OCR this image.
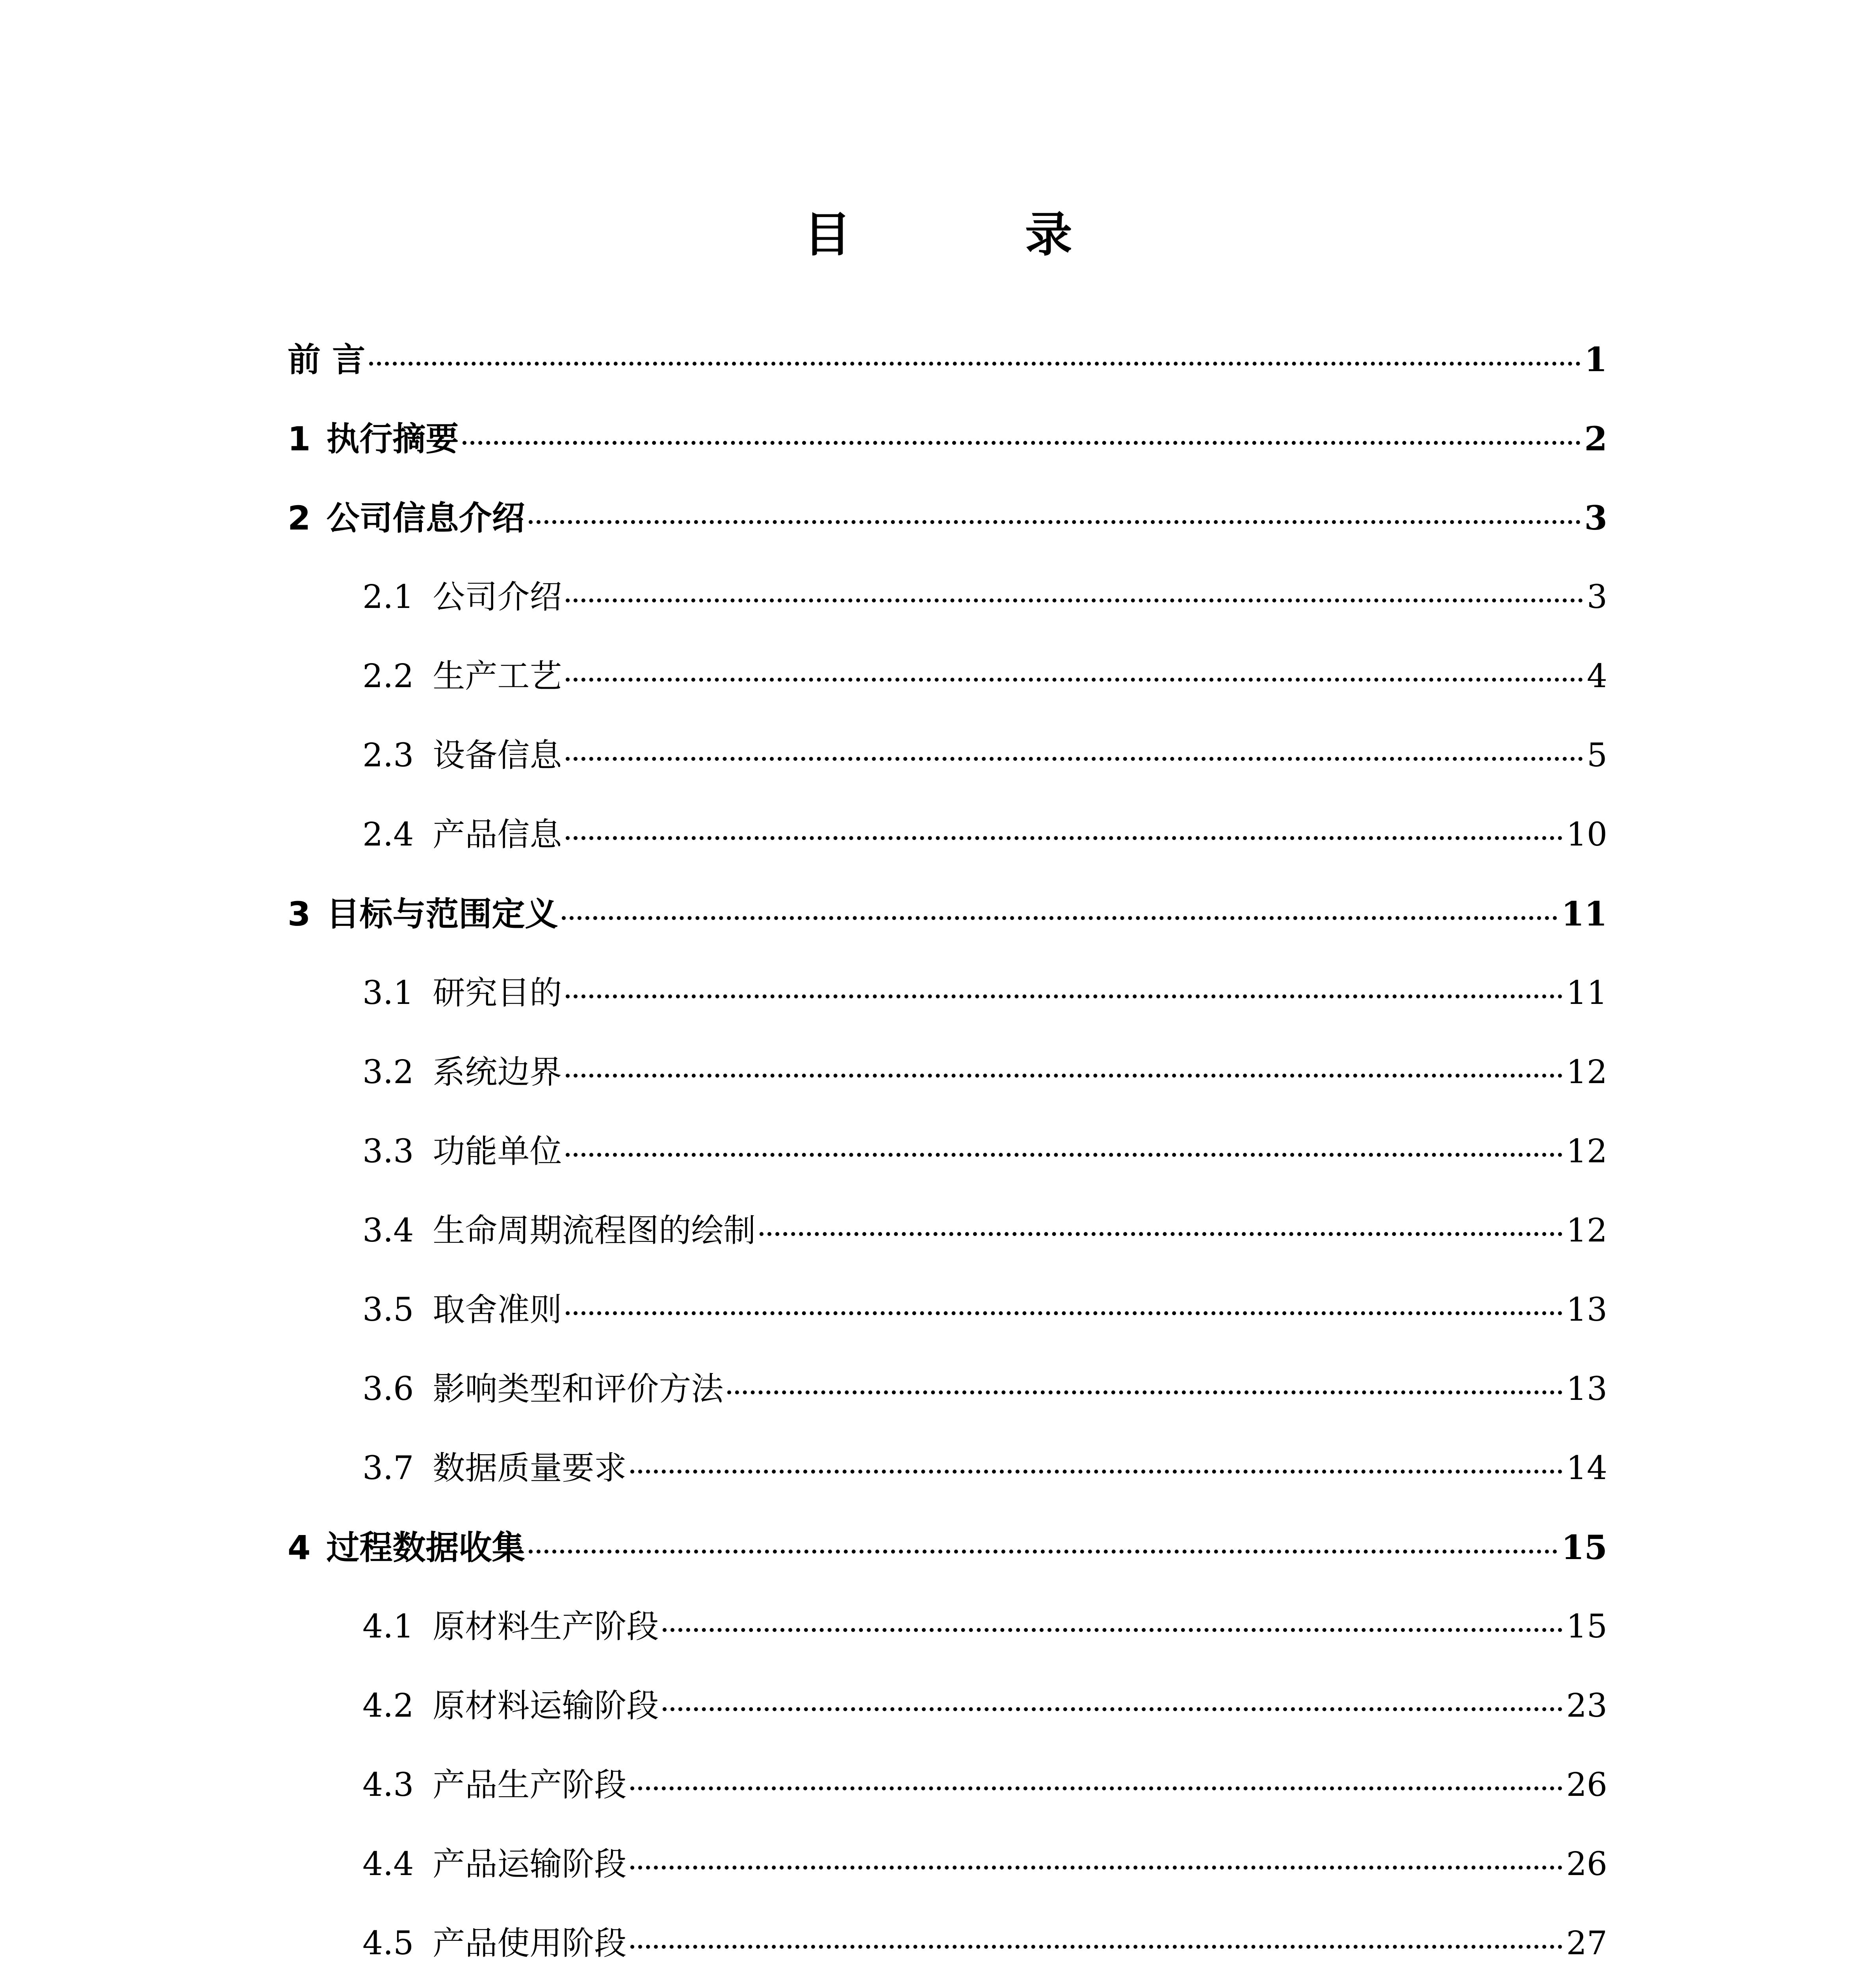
目 录
前 言	1
1 执行摘要	2
2 公司信息介绍	3
2.1 公司介绍	3
2.2 生产工艺	4
2.3 设备信息	5
2.4 产品信息	10
3 目标与范围定义	11
3.1 研究目的	11
3.2 系统边界	12
3.3 功能单位	12
3.4 生命周期流程图的绘制	12
3.5 取舍准则	13
3.6 影响类型和评价方法	13
3.7 数据质量要求	14
4 过程数据收集	15
4.1 原材料生产阶段	15
4.2 原材料运输阶段	23
4.3 产品生产阶段	26
4.4 产品运输阶段	26
4.5 产品使用阶段	27
